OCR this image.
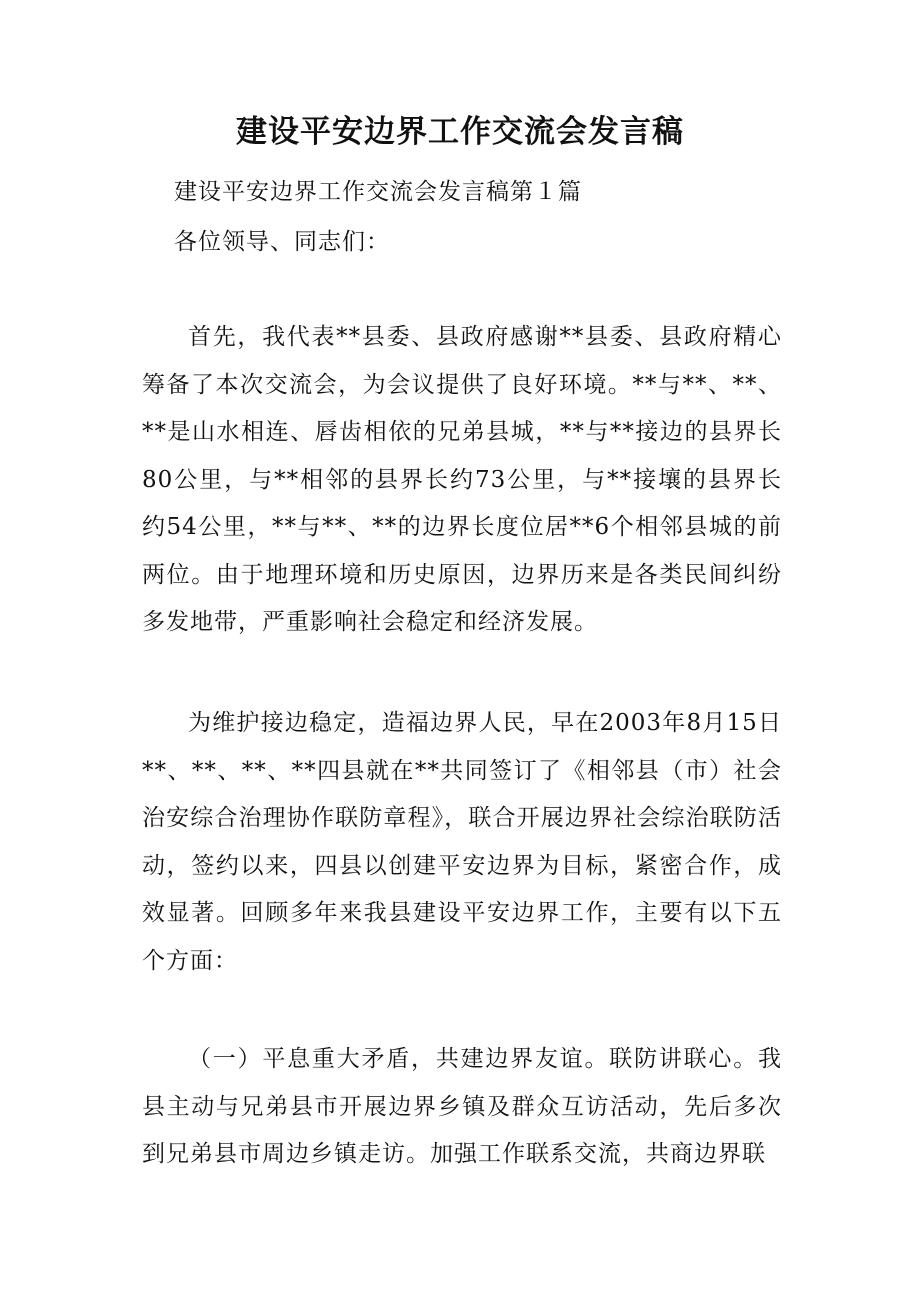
建设平安边界工作交流会发言稿

建设平安边界工作交流会发言稿第１篇

各位领导、同志们：

首先，我代表**县委、县政府感谢**县委、县政府精心筹备了本次交流会，为会议提供了良好环境。**与**、**、**是山水相连、唇齿相依的兄弟县城，**与**接边的县界长80公里，与**相邻的县界长约73公里，与**接壤的县界长约54公里，**与**、**的边界长度位居**6个相邻县城的前两位。由于地理环境和历史原因，边界历来是各类民间纠纷多发地带，严重影响社会稳定和经济发展。

为维护接边稳定，造福边界人民，早在2003年8月15日**、**、**、**四县就在**共同签订了《相邻县（市）社会治安综合治理协作联防章程》，联合开展边界社会综治联防活动，签约以来，四县以创建平安边界为目标，紧密合作，成效显著。回顾多年来我县建设平安边界工作，主要有以下五个方面：

（一）平息重大矛盾，共建边界友谊。联防讲联心。我县主动与兄弟县市开展边界乡镇及群众互访活动，先后多次到兄弟县市周边乡镇走访。加强工作联系交流，共商边界联
